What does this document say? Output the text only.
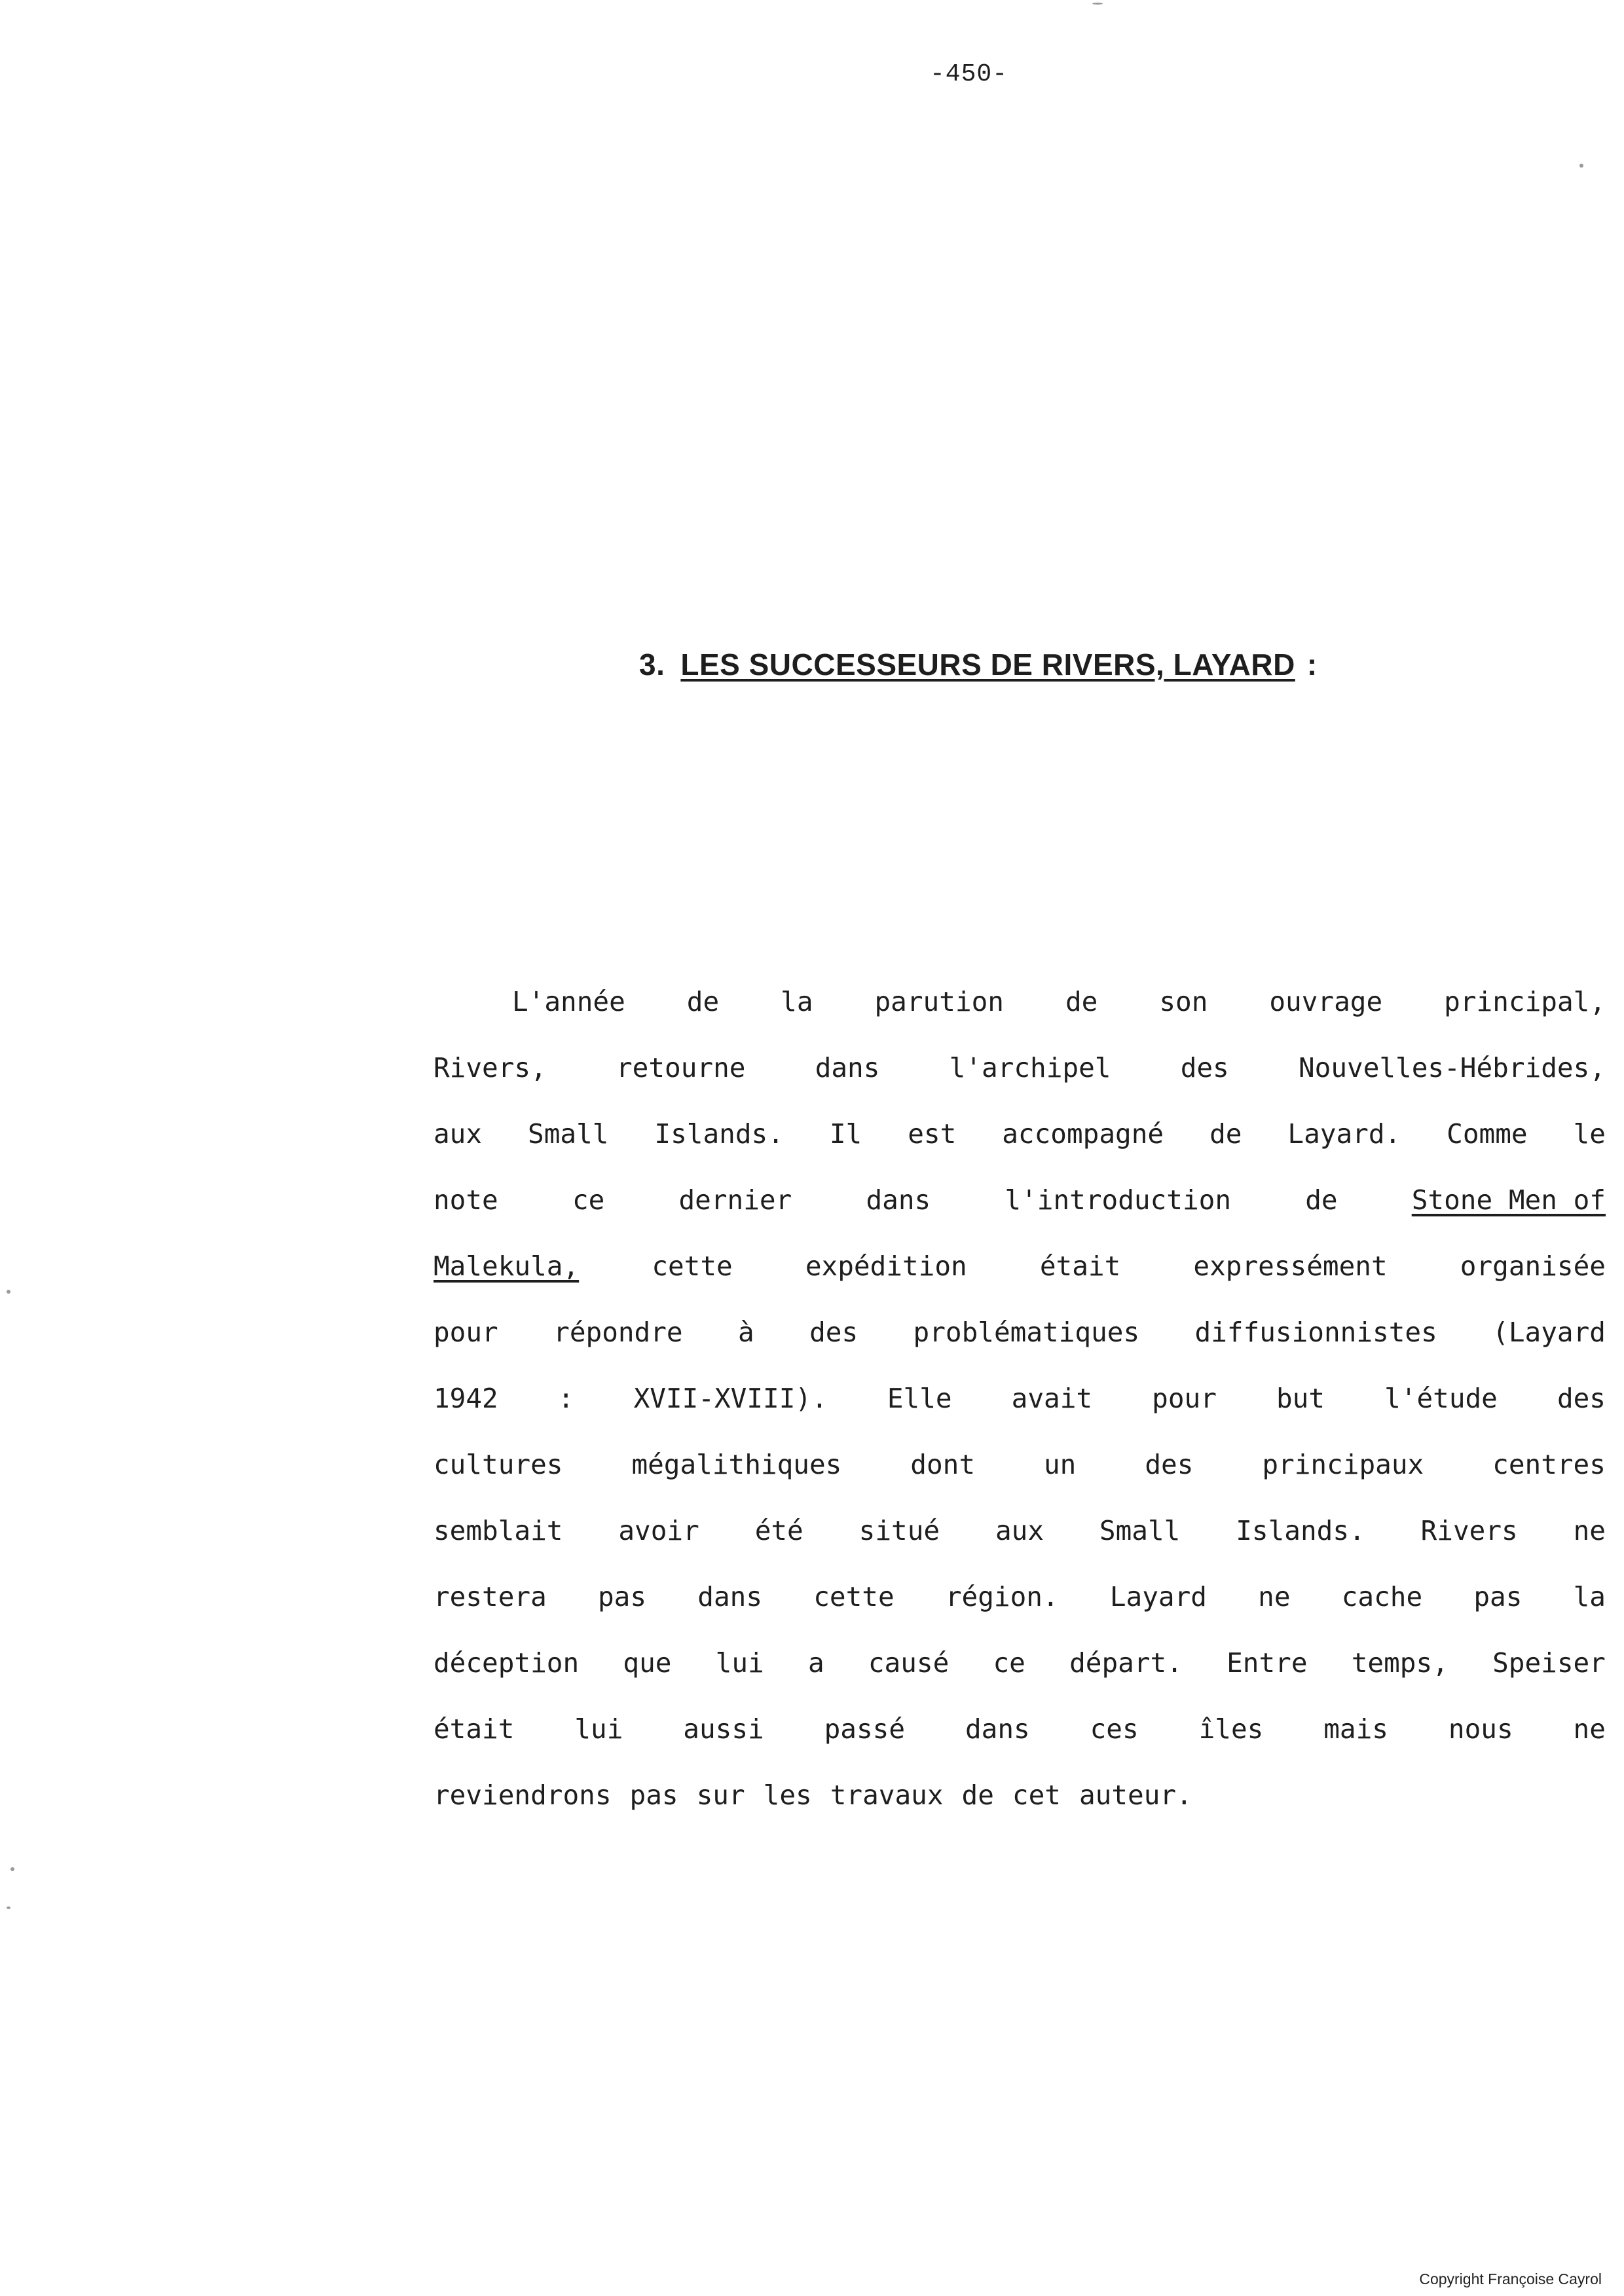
-450-
3. LES SUCCESSEURS DE RIVERS, LAYARD :
L'année de la parution de son ouvrage principal,
Rivers,	retourne	dans	l'archipel	des	Nouvelles-Hébrides,
aux Small Islands. Il est accompagné de Layard. Comme le
note	ce	dernier	dans	l'introduction	de	Stone Men of
Malekula,	cette	expédition	était	expressément	organisée
pour répondre à des problématiques diffusionnistes (Layard
1942 : XVII-XVIII). Elle avait pour but l'étude des
cultures	mégalithiques	dont	un	des	principaux	centres
semblait avoir été situé aux Small Islands. Rivers ne
restera pas dans cette région. Layard ne cache pas la
déception que lui a causé ce départ. Entre temps, Speiser
était lui aussi passé dans ces îles mais nous ne
reviendrons pas sur les travaux de cet auteur.
Copyright Françoise Cayrol
